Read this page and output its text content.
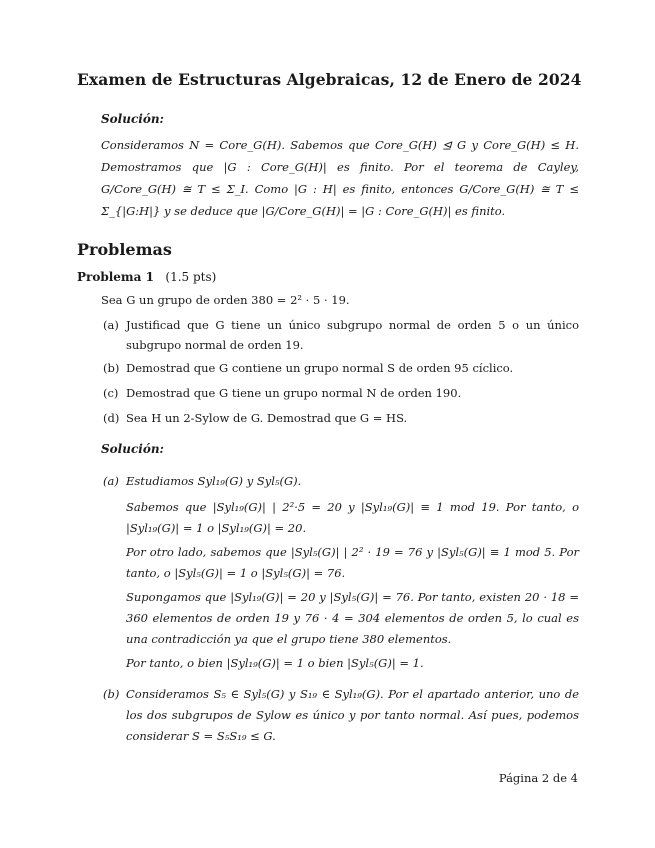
Examen de Estructuras Algebraicas, 12 de Enero de 2024

Solución:

Consideramos N = Core_G(H). Sabemos que Core_G(H) ⊴ G y Core_G(H) ≤ H. Demostramos que |G : Core_G(H)| es finito. Por el teorema de Cayley, G/Core_G(H) ≅ T ≤ Σ_I. Como |G : H| es finito, entonces G/Core_G(H) ≅ T ≤ Σ_{|G:H|} y se deduce que |G/Core_G(H)| = |G : Core_G(H)| es finito.

Problemas

Problema 1 (1.5 pts)

Sea G un grupo de orden 380 = 2² · 5 · 19.

(a) Justificad que G tiene un único subgrupo normal de orden 5 o un único subgrupo normal de orden 19.
(b) Demostrad que G contiene un grupo normal S de orden 95 cíclico.
(c) Demostrad que G tiene un grupo normal N de orden 190.
(d) Sea H un 2-Sylow de G. Demostrad que G = HS.

Solución:

(a) Estudiamos Syl₁₉(G) y Syl₅(G).

Sabemos que |Syl₁₉(G)| | 2²·5 = 20 y |Syl₁₉(G)| ≡ 1 mod 19. Por tanto, o |Syl₁₉(G)| = 1 o |Syl₁₉(G)| = 20.

Por otro lado, sabemos que |Syl₅(G)| | 2² · 19 = 76 y |Syl₅(G)| ≡ 1 mod 5. Por tanto, o |Syl₅(G)| = 1 o |Syl₅(G)| = 76.

Supongamos que |Syl₁₉(G)| = 20 y |Syl₅(G)| = 76. Por tanto, existen 20 · 18 = 360 elementos de orden 19 y 76 · 4 = 304 elementos de orden 5, lo cual es una contradicción ya que el grupo tiene 380 elementos.

Por tanto, o bien |Syl₁₉(G)| = 1 o bien |Syl₅(G)| = 1.

(b) Consideramos S₅ ∈ Syl₅(G) y S₁₉ ∈ Syl₁₉(G). Por el apartado anterior, uno de los dos subgrupos de Sylow es único y por tanto normal. Así pues, podemos considerar S = S₅S₁₉ ≤ G.

Página 2 de 4
